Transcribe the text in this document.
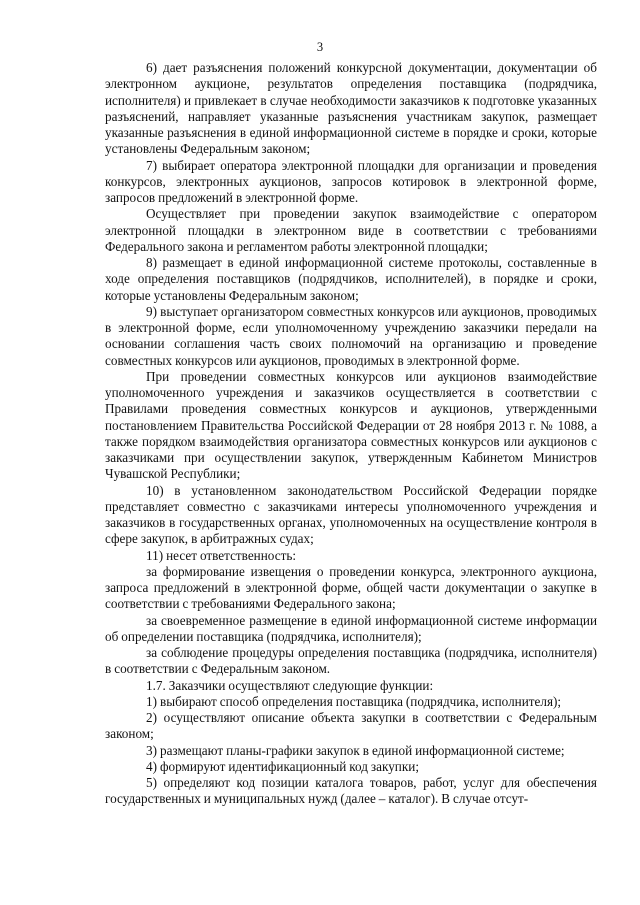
3

6) дает разъяснения положений конкурсной документации, документации об электронном аукционе, результатов определения поставщика (подрядчика, исполнителя) и привлекает в случае необходимости заказчиков к подготовке указанных разъяснений, направляет указанные разъяснения участникам закупок, размещает указанные разъяснения в единой информационной системе в порядке и сроки, которые установлены Федеральным законом;

7) выбирает оператора электронной площадки для организации и проведения конкурсов, электронных аукционов, запросов котировок в электронной форме, запросов предложений в электронной форме.

Осуществляет при проведении закупок взаимодействие с оператором электронной площадки в электронном виде в соответствии с требованиями Федерального закона и регламентом работы электронной площадки;

8) размещает в единой информационной системе протоколы, составленные в ходе определения поставщиков (подрядчиков, исполнителей), в порядке и сроки, которые установлены Федеральным законом;

9) выступает организатором совместных конкурсов или аукционов, проводимых в электронной форме, если уполномоченному учреждению заказчики передали на основании соглашения часть своих полномочий на организацию и проведение совместных конкурсов или аукционов, проводимых в электронной форме.

При проведении совместных конкурсов или аукционов взаимодействие уполномоченного учреждения и заказчиков осуществляется в соответствии с Правилами проведения совместных конкурсов и аукционов, утвержденными постановлением Правительства Российской Федерации от 28 ноября 2013 г. № 1088, а также порядком взаимодействия организатора совместных конкурсов или аукционов с заказчиками при осуществлении закупок, утвержденным Кабинетом Министров Чувашской Республики;

10) в установленном законодательством Российской Федерации порядке представляет совместно с заказчиками интересы уполномоченного учреждения и заказчиков в государственных органах, уполномоченных на осуществление контроля в сфере закупок, в арбитражных судах;

11) несет ответственность:

за формирование извещения о проведении конкурса, электронного аукциона, запроса предложений в электронной форме, общей части документации о закупке в соответствии с требованиями Федерального закона;

за своевременное размещение в единой информационной системе информации об определении поставщика (подрядчика, исполнителя);

за соблюдение процедуры определения поставщика (подрядчика, исполнителя) в соответствии с Федеральным законом.

1.7. Заказчики осуществляют следующие функции:

1) выбирают способ определения поставщика (подрядчика, исполнителя);

2) осуществляют описание объекта закупки в соответствии с Федеральным законом;

3) размещают планы-графики закупок в единой информационной системе;

4) формируют идентификационный код закупки;

5) определяют код позиции каталога товаров, работ, услуг для обеспечения государственных и муниципальных нужд (далее – каталог). В случае отсут-
